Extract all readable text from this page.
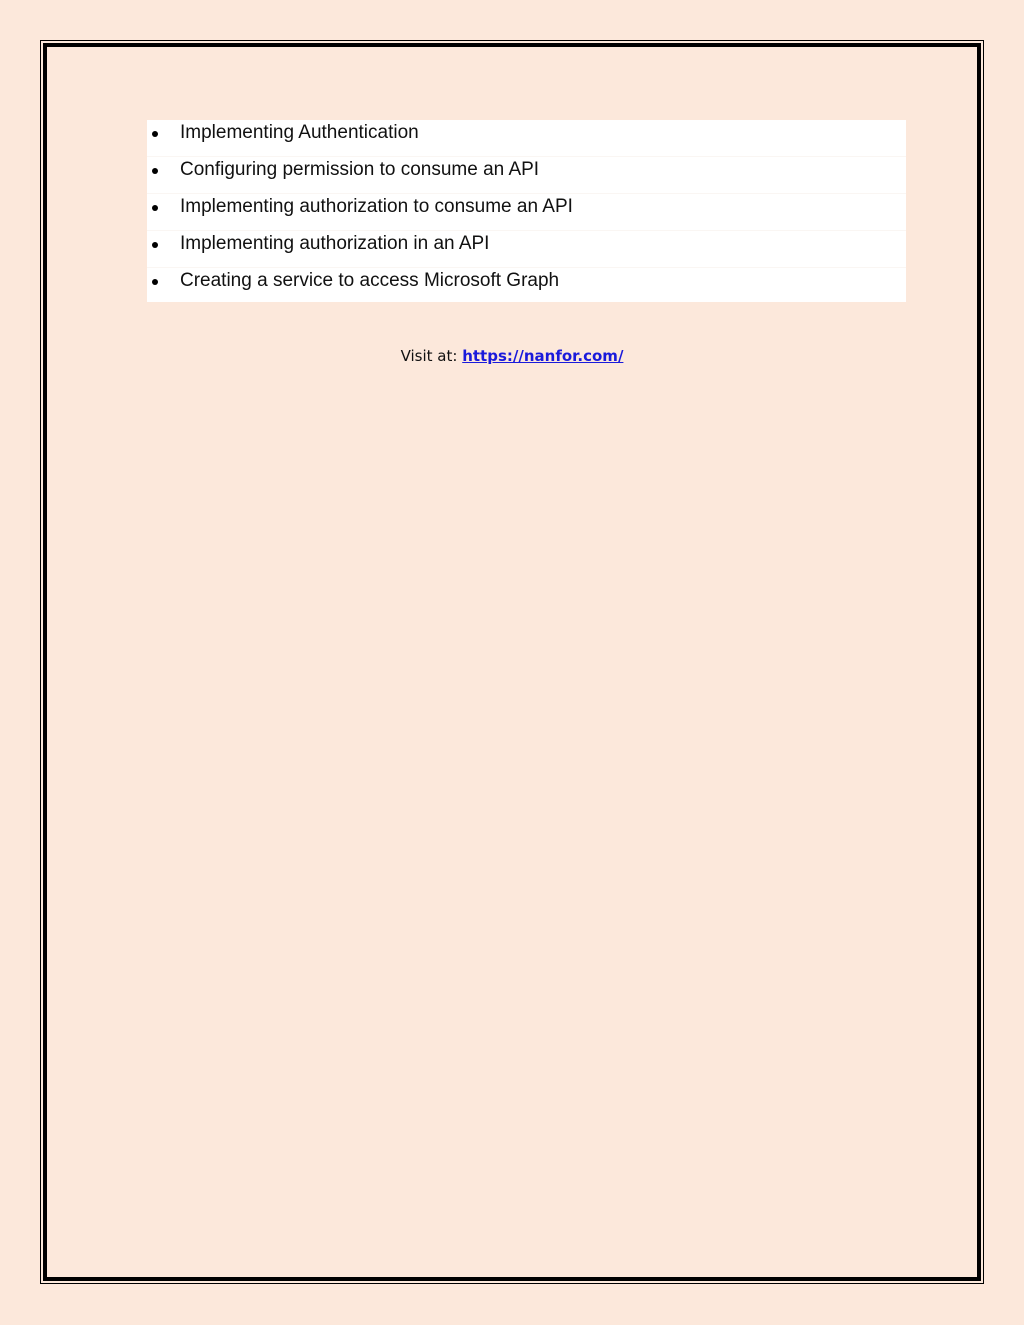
Implementing Authentication
Configuring permission to consume an API
Implementing authorization to consume an API
Implementing authorization in an API
Creating a service to access Microsoft Graph
Visit at: https://nanfor.com/
